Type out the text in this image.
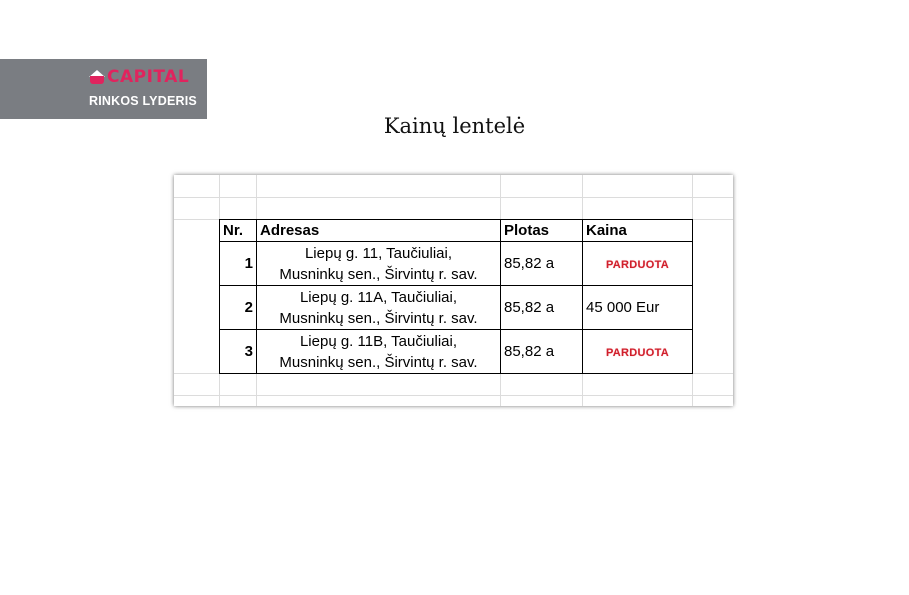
CAPITAL
RINKOS LYDERIS
Kainų lentelė
Nr.	Adresas	Plotas	Kaina
1	Liepų g. 11, Taučiuliai,
Musninkų sen., Širvintų r. sav.	85,82 a	PARDUOTA
2	Liepų g. 11A, Taučiuliai,
Musninkų sen., Širvintų r. sav.	85,82 a	45 000 Eur
3	Liepų g. 11B, Taučiuliai,
Musninkų sen., Širvintų r. sav.	85,82 a	PARDUOTA
